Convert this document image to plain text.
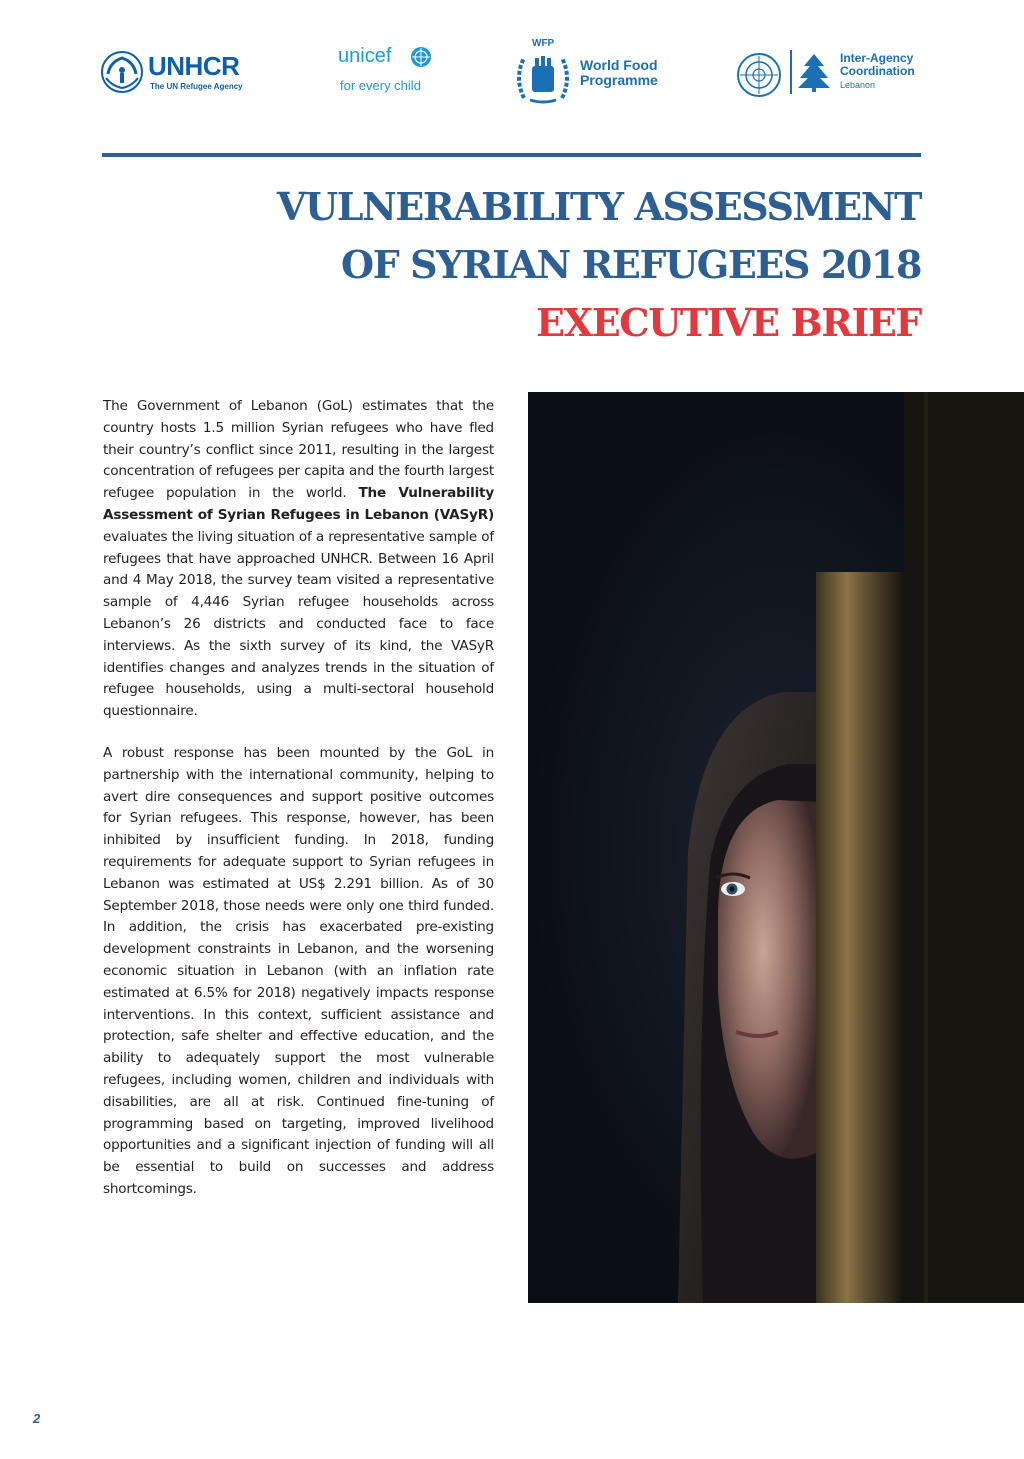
UNHCR
The UN Refugee Agency
unicef
for every child
WFP
World Food
Programme
Inter-Agency
Coordination
Lebanon
VULNERABILITY ASSESSMENT
OF SYRIAN REFUGEES 2018
EXECUTIVE BRIEF

The Government of Lebanon (GoL) estimates that the country hosts 1.5 million Syrian refugees who have fled their country’s conflict since 2011, resulting in the largest concentration of refugees per capita and the fourth largest refugee population in the world. The Vulnerability Assessment of Syrian Refugees in Lebanon (VASyR) evaluates the living situation of a representative sample of refugees that have approached UNHCR. Between 16 April and 4 May 2018, the survey team visited a representative sample of 4,446 Syrian refugee households across Lebanon’s 26 districts and conducted face to face interviews. As the sixth survey of its kind, the VASyR identifies changes and analyzes trends in the situation of refugee households, using a multi-sectoral household questionnaire.

A robust response has been mounted by the GoL in partnership with the international community, helping to avert dire consequences and support positive outcomes for Syrian refugees. This response, however, has been inhibited by insufficient funding. In 2018, funding requirements for adequate support to Syrian refugees in Lebanon was estimated at US$ 2.291 billion. As of 30 September 2018, those needs were only one third funded. In addition, the crisis has exacerbated pre-existing development constraints in Lebanon, and the worsening economic situation in Lebanon (with an inflation rate estimated at 6.5% for 2018) negatively impacts response interventions. In this context, sufficient assistance and protection, safe shelter and effective education, and the ability to adequately support the most vulnerable refugees, including women, children and individuals with disabilities, are all at risk. Continued fine-tuning of programming based on targeting, improved livelihood opportunities and a significant injection of funding will all be essential to build on successes and address shortcomings.

2
